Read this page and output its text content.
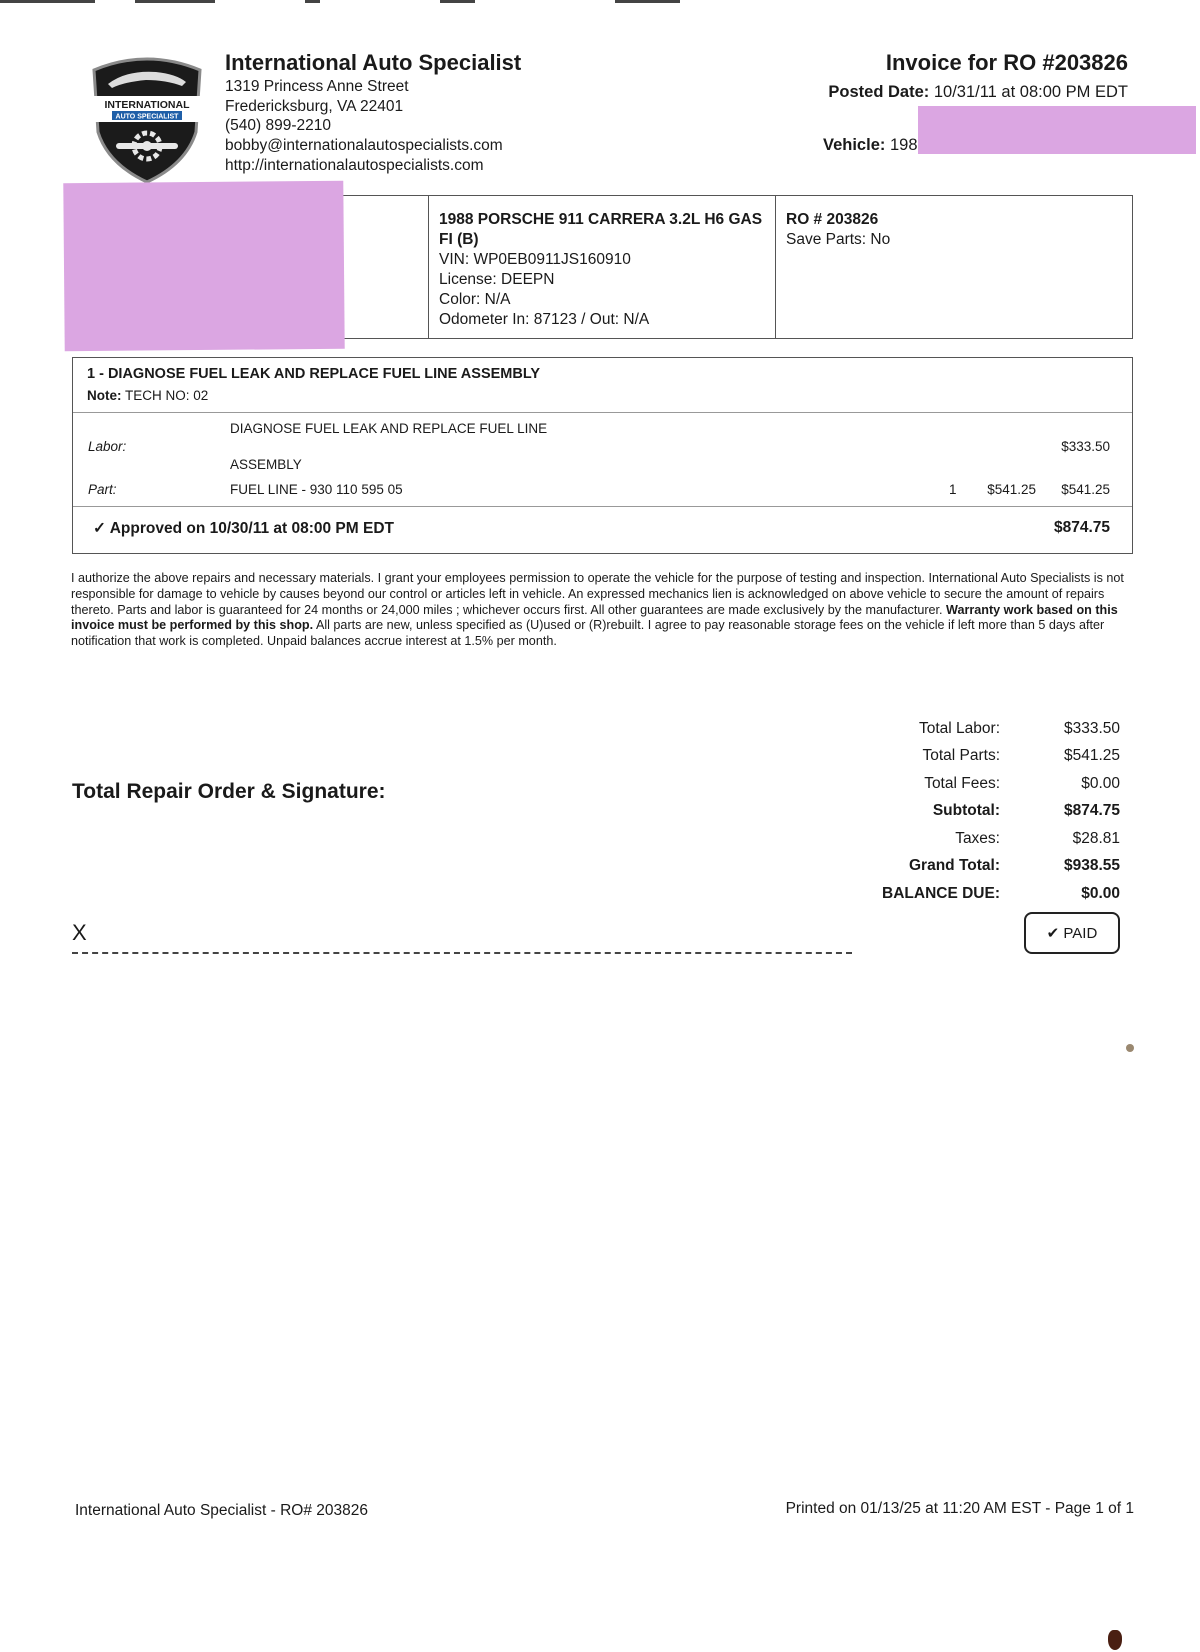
INTERNATIONAL
AUTO SPECIALIST
International Auto Specialist
1319 Princess Anne Street
Fredericksburg, VA 22401
(540) 899-2210
bobby@internationalautospecialists.com
http://internationalautospecialists.com
Invoice for RO #203826
Posted Date: 10/31/11 at 08:00 PM EDT
Vehicle: 198
1988 PORSCHE 911 CARRERA 3.2L H6 GAS
FI (B)
VIN: WP0EB0911JS160910
License: DEEPN
Color: N/A
Odometer In: 87123 / Out: N/A
RO # 203826
Save Parts: No
1 - DIAGNOSE FUEL LEAK AND REPLACE FUEL LINE ASSEMBLY
Note: TECH NO: 02
Labor:
DIAGNOSE FUEL LEAK AND REPLACE FUEL LINE
ASSEMBLY
$333.50
Part:	FUEL LINE - 930 110 595 05	1 $541.25 $541.25
✓ Approved on 10/30/11 at 08:00 PM EDT	$874.75
I authorize the above repairs and necessary materials. I grant your employees permission to operate the vehicle for the purpose of testing and inspection. International Auto Specialists is not responsible for damage to vehicle by causes beyond our control or articles left in vehicle. An expressed mechanics lien is acknowledged on above vehicle to secure the amount of repairs thereto. Parts and labor is guaranteed for 24 months or 24,000 miles ; whichever occurs first. All other guarantees are made exclusively by the manufacturer. Warranty work based on this invoice must be performed by this shop. All parts are new, unless specified as (U)used or (R)rebuilt. I agree to pay reasonable storage fees on the vehicle if left more than 5 days after notification that work is completed. Unpaid balances accrue interest at 1.5% per month.
Total Repair Order & Signature:
X
Total Labor:	$333.50
Total Parts:	$541.25
Total Fees:	$0.00
Subtotal:	$874.75
Taxes:	$28.81
Grand Total:	$938.55
BALANCE DUE:	$0.00
✔ PAID
International Auto Specialist - RO# 203826	Printed on 01/13/25 at 11:20 AM EST - Page 1 of 1
